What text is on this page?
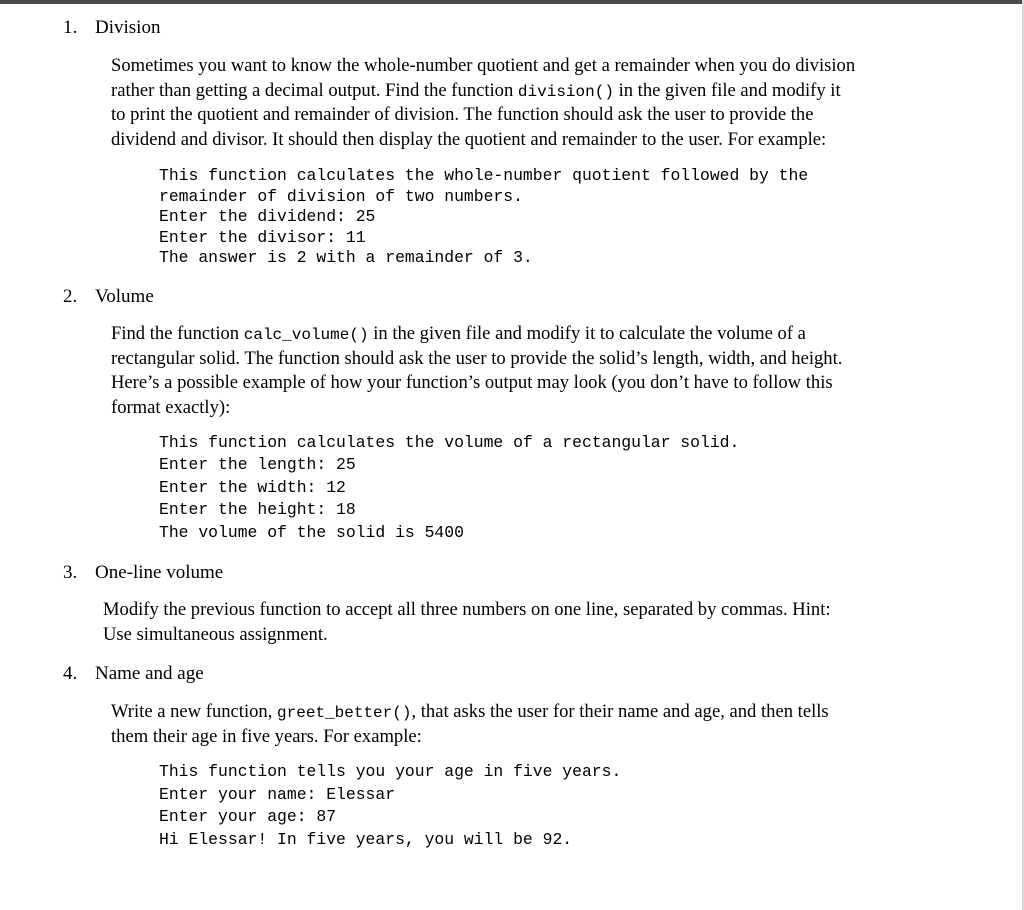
1. Division
Sometimes you want to know the whole-number quotient and get a remainder when you do division
rather than getting a decimal output. Find the function division() in the given file and modify it
to print the quotient and remainder of division. The function should ask the user to provide the
dividend and divisor. It should then display the quotient and remainder to the user. For example:
This function calculates the whole-number quotient followed by the
remainder of division of two numbers.
Enter the dividend: 25
Enter the divisor: 11
The answer is 2 with a remainder of 3.
2. Volume
Find the function calc_volume() in the given file and modify it to calculate the volume of a
rectangular solid. The function should ask the user to provide the solid’s length, width, and height.
Here’s a possible example of how your function’s output may look (you don’t have to follow this
format exactly):
This function calculates the volume of a rectangular solid.
Enter the length: 25
Enter the width: 12
Enter the height: 18
The volume of the solid is 5400
3. One-line volume
Modify the previous function to accept all three numbers on one line, separated by commas. Hint:
Use simultaneous assignment.
4. Name and age
Write a new function, greet_better(), that asks the user for their name and age, and then tells
them their age in five years. For example:
This function tells you your age in five years.
Enter your name: Elessar
Enter your age: 87
Hi Elessar! In five years, you will be 92.
